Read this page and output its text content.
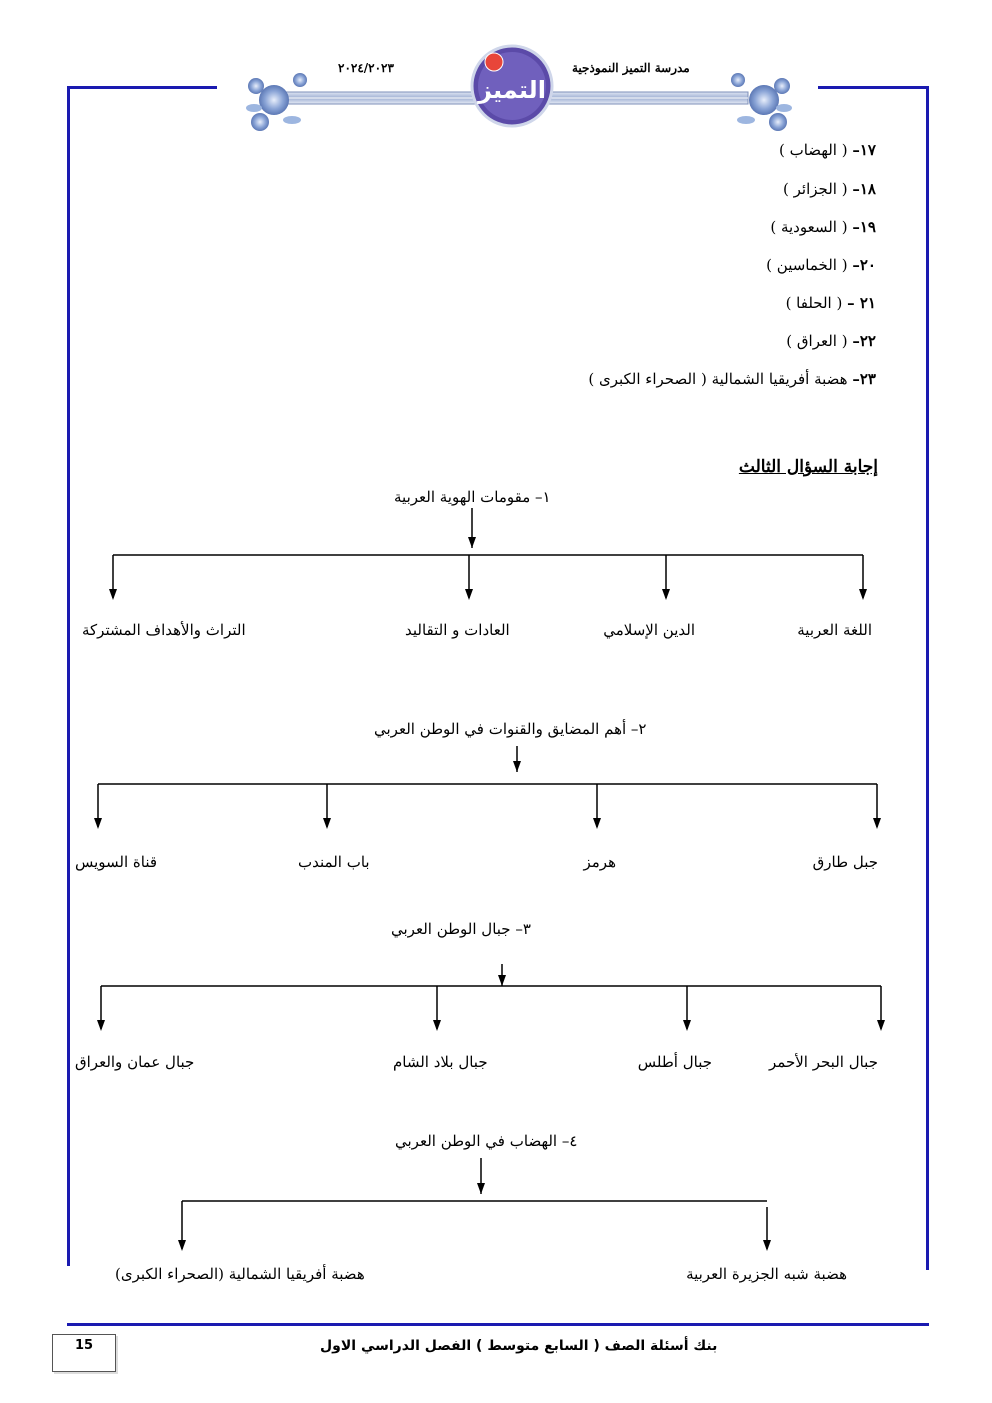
التميز
مدرسة التميز النموذجية
٢٠٢٤/٢٠٢٣
١٧– ( الهضاب )
١٨– ( الجزائر )
١٩– ( السعودية )
٢٠– ( الخماسين )
٢١ – ( الحلفا )
٢٢– ( العراق )
٢٣– هضبة أفريقيا الشمالية ( الصحراء الكبرى )
إجابة السؤال الثالث
١– مقومات الهوية العربية
اللغة العربية
الدين الإسلامي
العادات و التقاليد
التراث والأهداف المشتركة
٢– أهم المضايق والقنوات في الوطن العربي
جبل طارق
هرمز
باب المندب
قناة السويس
٣– جبال الوطن العربي
جبال البحر الأحمر
جبال أطلس
جبال بلاد الشام
جبال عمان والعراق
٤– الهضاب في الوطن العربي
هضبة شبه الجزيرة العربية
هضبة أفريقيا الشمالية (الصحراء الكبرى)
بنك أسئلة الصف ( السابع متوسط ) الفصل الدراسي الاول
15
